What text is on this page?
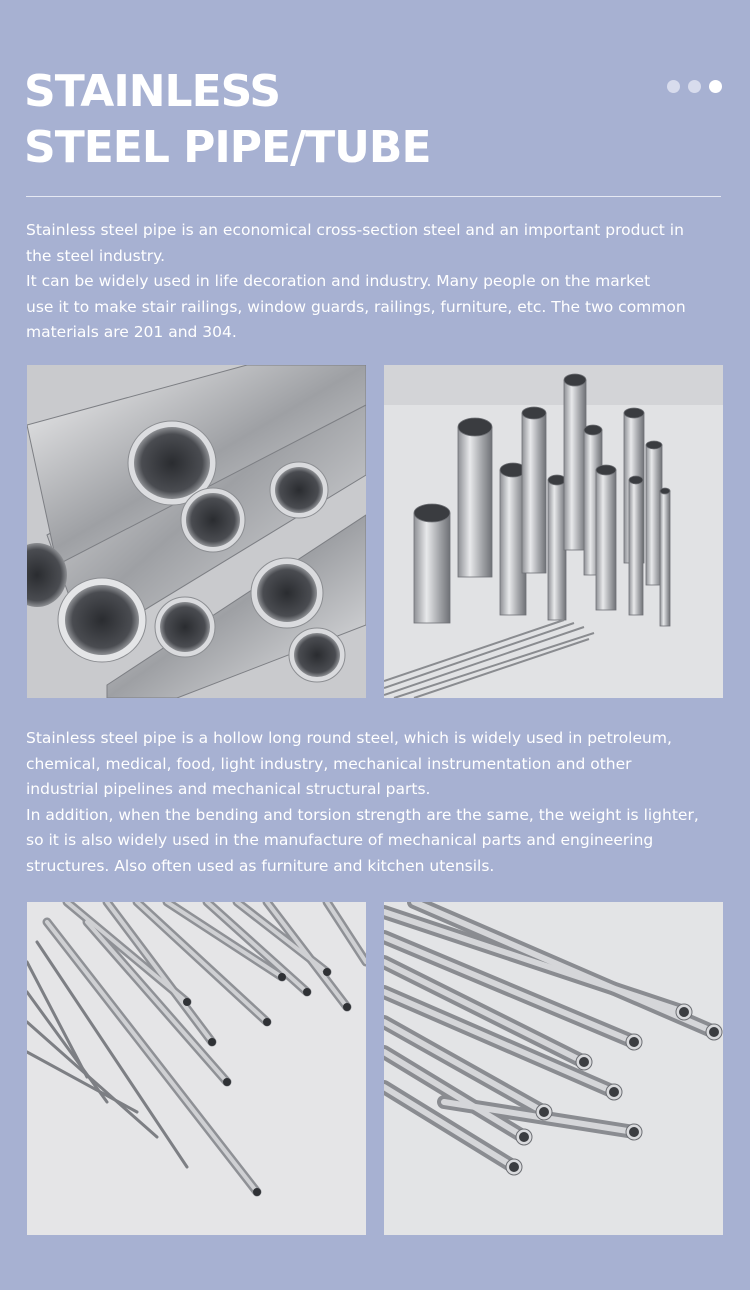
STAINLESS
STEEL PIPE/TUBE

Stainless steel pipe is an economical cross-section steel and an important product in

the steel industry.

It can be widely used in life decoration and industry. Many people on the market

use it to make stair railings, window guards, railings, furniture, etc. The two common

materials are 201 and 304.

Stainless steel pipe is a hollow long round steel, which is widely used in petroleum,

chemical, medical, food, light industry, mechanical instrumentation and other

industrial pipelines and mechanical structural parts.

In addition, when the bending and torsion strength are the same, the weight is lighter,

so it is also widely used in the manufacture of mechanical parts and engineering

structures. Also often used as furniture and kitchen utensils.
